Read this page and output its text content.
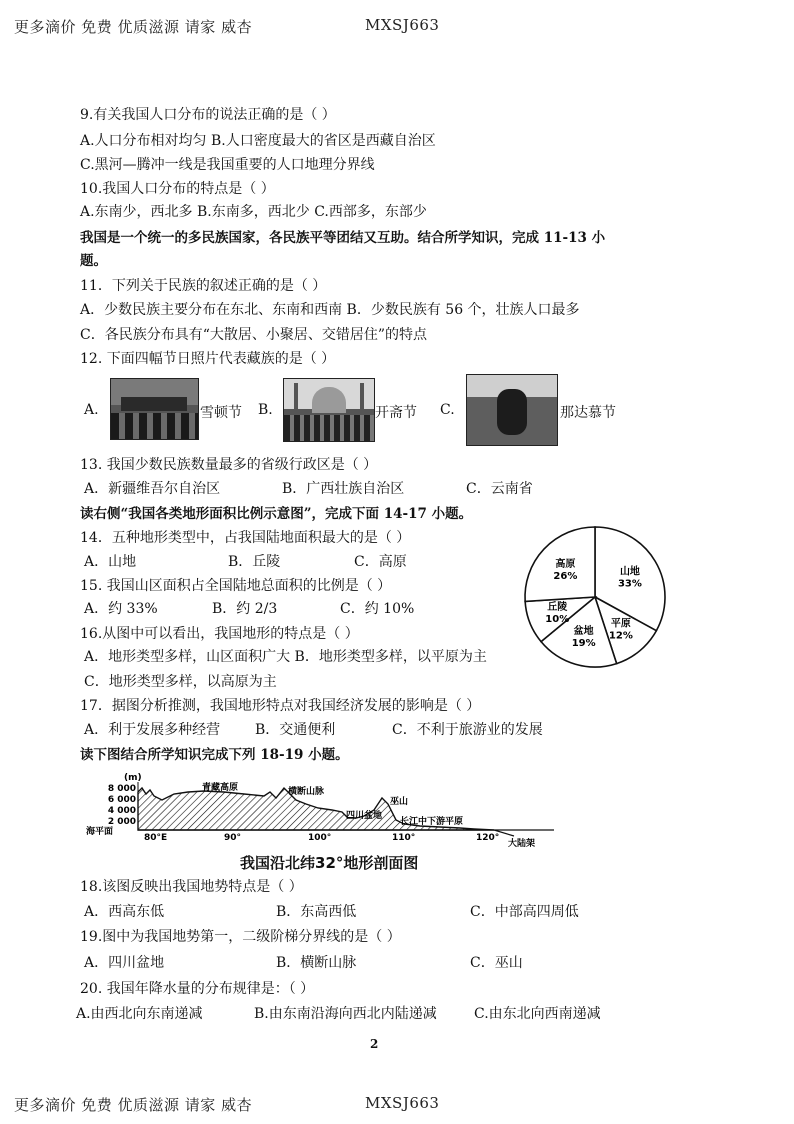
更多滴价 免费 优质滋源 请家 威杏	MXSJ663
9.有关我国人口分布的说法正确的是（ ）
A.人口分布相对均匀 B.人口密度最大的省区是西藏自治区
C.黑河—腾冲一线是我国重要的人口地理分界线
10.我国人口分布的特点是（ ）
A.东南少，西北多 B.东南多，西北少 C.西部多，东部少
我国是一个统一的多民族国家，各民族平等团结又互助。结合所学知识，完成 11-13 小
题。
11．下列关于民族的叙述正确的是（ ）
A．少数民族主要分布在东北、东南和西南 B．少数民族有 56 个，壮族人口最多
C．各民族分布具有“大散居、小聚居、交错居住”的特点
12. 下面四幅节日照片代表藏族的是（ ）
A.	雪顿节 B.	开斋节 C.	那达慕节
13. 我国少数民族数量最多的省级行政区是（ ）
A．新疆维吾尔自治区	B．广西壮族自治区	C．云南省
读右侧“我国各类地形面积比例示意图”，完成下面 14-17 小题。
14．五种地形类型中，占我国陆地面积最大的是（ ）
A．山地	B．丘陵	C．高原
15. 我国山区面积占全国陆地总面积的比例是（ ）
A．约 33%	B．约 2/3	C．约 10%
山地
33%
平原
12%
盆地
19%
丘陵
10%
高原
26%
16.从图中可以看出，我国地形的特点是（ ）
A．地形类型多样，山区面积广大 B．地形类型多样，以平原为主
C．地形类型多样，以高原为主
17．据图分析推测，我国地形特点对我国经济发展的影响是（ ）
A．利于发展多种经营 B．交通便利	C．不利于旅游业的发展
读下图结合所学知识完成下列 18-19 小题。
(m)
8 000
6 000
4 000
2 000
海平面
青藏高原	横断山脉
四川盆地
巫山
长江中下游平原
80°E	90°	100°	110°	120°
大陆架
我国沿北纬32°地形剖面图
18.该图反映出我国地势特点是（ ）
A．西高东低	B．东高西低	C．中部高四周低
19.图中为我国地势第一，二级阶梯分界线的是（ ）
A．四川盆地	B．横断山脉	C．巫山
20. 我国年降水量的分布规律是：（ ）
A.由西北向东南递减	B.由东南沿海向西北内陆递减	C.由东北向西南递减
2
更多滴价 免费 优质滋源 请家 威杏	MXSJ663
